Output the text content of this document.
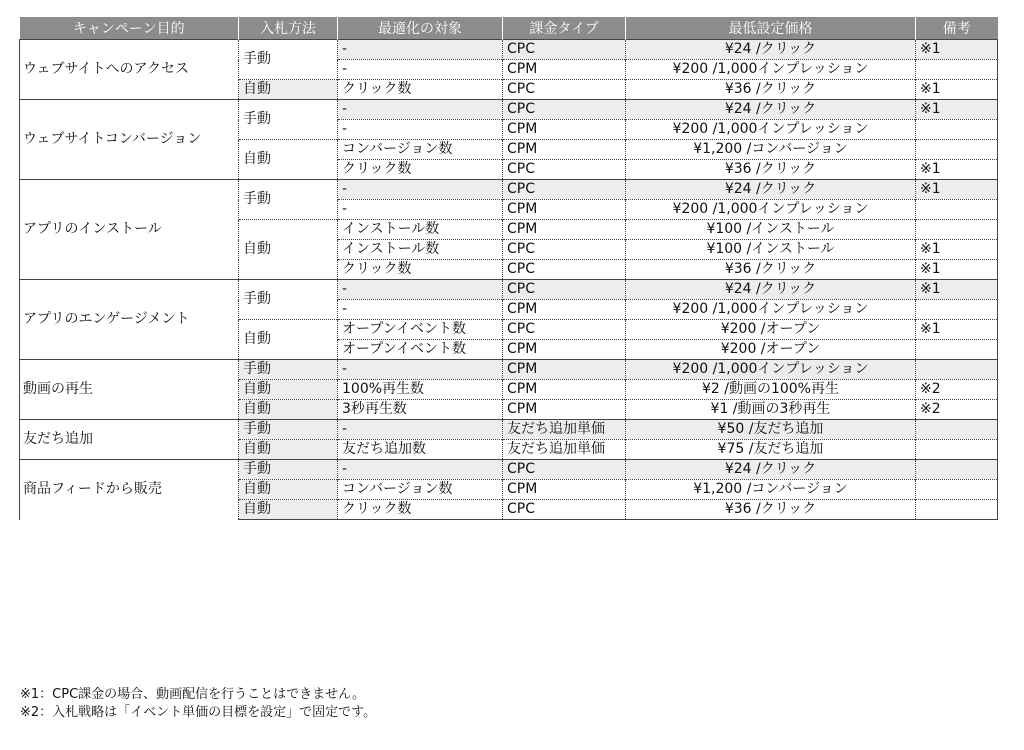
キャンペーン目的	入札方法	最適化の対象	課金タイプ	最低設定価格	備考
ウェブサイトへのアクセス	手動	-	CPC	¥24 /クリック	※1
		-	CPM	¥200 /1,000インプレッション	
	自動	クリック数	CPC	¥36 /クリック	※1
ウェブサイトコンバージョン	手動	-	CPC	¥24 /クリック	※1
		-	CPM	¥200 /1,000インプレッション	
	自動	コンバージョン数	CPM	¥1,200 /コンバージョン	
		クリック数	CPC	¥36 /クリック	※1
アプリのインストール	手動	-	CPC	¥24 /クリック	※1
		-	CPM	¥200 /1,000インプレッション	
	自動	インストール数	CPM	¥100 /インストール	
		インストール数	CPC	¥100 /インストール	※1
		クリック数	CPC	¥36 /クリック	※1
アプリのエンゲージメント	手動	-	CPC	¥24 /クリック	※1
		-	CPM	¥200 /1,000インプレッション	
	自動	オープンイベント数	CPC	¥200 /オープン	※1
		オープンイベント数	CPM	¥200 /オープン	
動画の再生	手動	-	CPM	¥200 /1,000インプレッション	
	自動	100%再生数	CPM	¥2 /動画の100%再生	※2
	自動	3秒再生数	CPM	¥1 /動画の3秒再生	※2
友だち追加	手動	-	友だち追加単価	¥50 /友だち追加	
	自動	友だち追加数	友だち追加単価	¥75 /友だち追加	
商品フィードから販売	手動	-	CPC	¥24 /クリック	
	自動	コンバージョン数	CPM	¥1,200 /コンバージョン	
	自動	クリック数	CPC	¥36 /クリック	
※1：CPC課金の場合、動画配信を行うことはできません。
※2：入札戦略は「イベント単価の目標を設定」で固定です。
